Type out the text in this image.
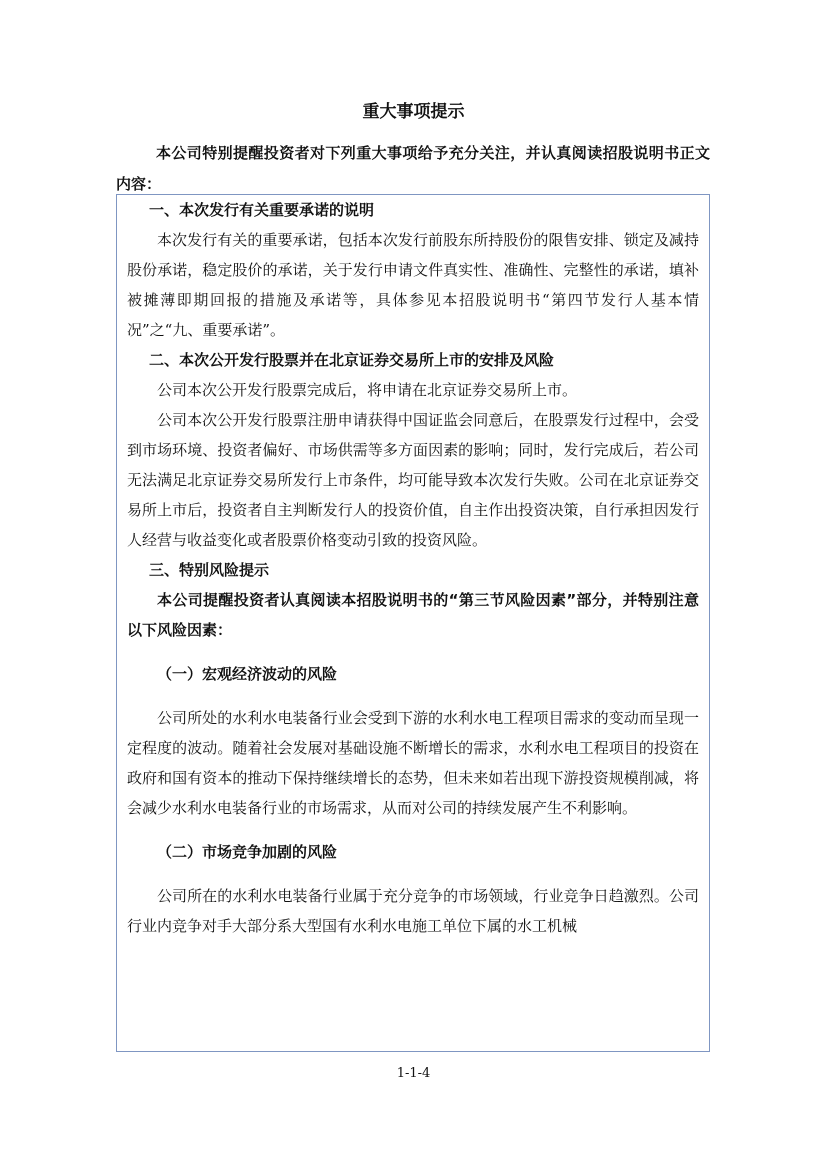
重大事项提示
本公司特别提醒投资者对下列重大事项给予充分关注，并认真阅读招股说明书正文内容：

一、本次发行有关重要承诺的说明

本次发行有关的重要承诺，包括本次发行前股东所持股份的限售安排、锁定及减持股份承诺，稳定股价的承诺，关于发行申请文件真实性、准确性、完整性的承诺，填补被摊薄即期回报的措施及承诺等，具体参见本招股说明书“第四节发行人基本情况”之“九、重要承诺”。

二、本次公开发行股票并在北京证券交易所上市的安排及风险

公司本次公开发行股票完成后，将申请在北京证券交易所上市。

公司本次公开发行股票注册申请获得中国证监会同意后，在股票发行过程中，会受到市场环境、投资者偏好、市场供需等多方面因素的影响；同时，发行完成后，若公司无法满足北京证券交易所发行上市条件，均可能导致本次发行失败。公司在北京证券交易所上市后，投资者自主判断发行人的投资价值，自主作出投资决策，自行承担因发行人经营与收益变化或者股票价格变动引致的投资风险。

三、特别风险提示

本公司提醒投资者认真阅读本招股说明书的“第三节风险因素”部分，并特别注意以下风险因素：

（一）宏观经济波动的风险

公司所处的水利水电装备行业会受到下游的水利水电工程项目需求的变动而呈现一定程度的波动。随着社会发展对基础设施不断增长的需求，水利水电工程项目的投资在政府和国有资本的推动下保持继续增长的态势，但未来如若出现下游投资规模削减，将会减少水利水电装备行业的市场需求，从而对公司的持续发展产生不利影响。

（二）市场竞争加剧的风险

公司所在的水利水电装备行业属于充分竞争的市场领域，行业竞争日趋激烈。公司行业内竞争对手大部分系大型国有水利水电施工单位下属的水工机械

1-1-4
